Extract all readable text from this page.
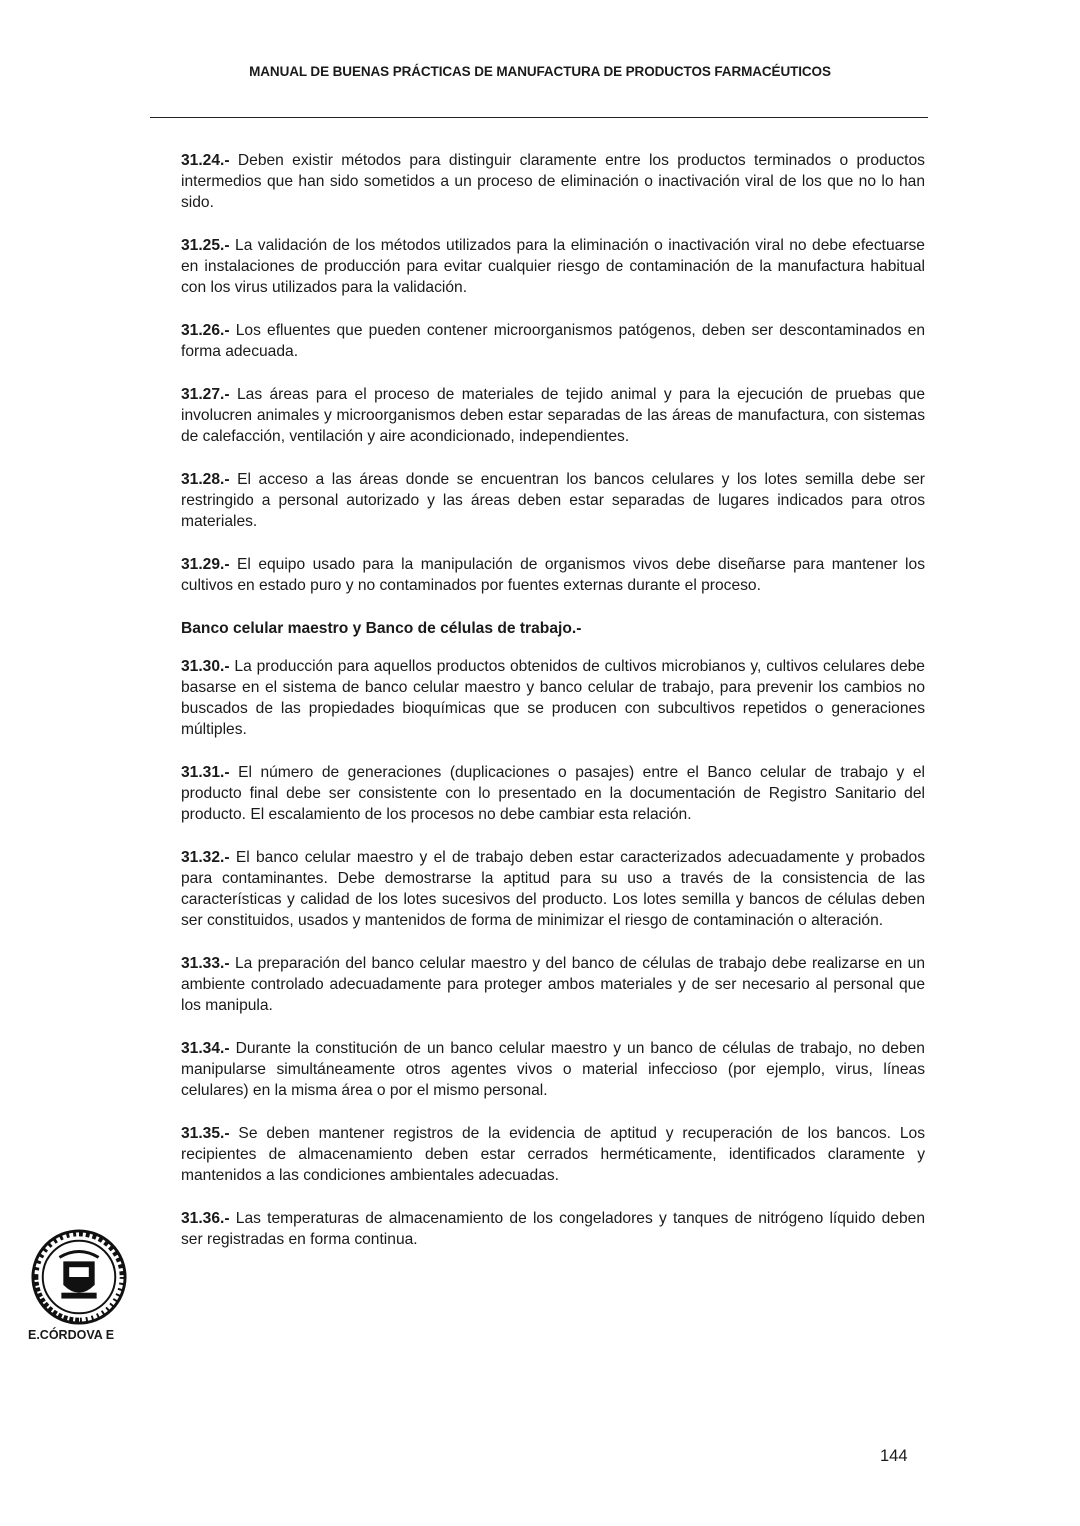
MANUAL DE BUENAS PRÁCTICAS DE MANUFACTURA DE PRODUCTOS FARMACÉUTICOS

31.24.- Deben existir métodos para distinguir claramente entre los productos terminados o productos intermedios que han sido sometidos a un proceso de eliminación o inactivación viral de los que no lo han sido.

31.25.- La validación de los métodos utilizados para la eliminación o inactivación viral no debe efectuarse en instalaciones de producción para evitar cualquier riesgo de contaminación de la manufactura habitual con los virus utilizados para la validación.

31.26.- Los efluentes que pueden contener microorganismos patógenos, deben ser descontaminados en forma adecuada.

31.27.- Las áreas para el proceso de materiales de tejido animal y para la ejecución de pruebas que involucren animales y microorganismos deben estar separadas de las áreas de manufactura, con sistemas de calefacción, ventilación y aire acondicionado, independientes.

31.28.- El acceso a las áreas donde se encuentran los bancos celulares y los lotes semilla debe ser restringido a personal autorizado y las áreas deben estar separadas de lugares indicados para otros materiales.

31.29.- El equipo usado para la manipulación de organismos vivos debe diseñarse para mantener los cultivos en estado puro y no contaminados por fuentes externas durante el proceso.

Banco celular maestro y Banco de células de trabajo.-

31.30.- La producción para aquellos productos obtenidos de cultivos microbianos y, cultivos celulares debe basarse en el sistema de banco celular maestro y banco celular de trabajo, para prevenir los cambios no buscados de las propiedades bioquímicas que se producen con subcultivos repetidos o generaciones múltiples.

31.31.- El número de generaciones (duplicaciones o pasajes) entre el Banco celular de trabajo y el producto final debe ser consistente con lo presentado en la documentación de Registro Sanitario del producto. El escalamiento de los procesos no debe cambiar esta relación.

31.32.- El banco celular maestro y el de trabajo deben estar caracterizados adecuadamente y probados para contaminantes. Debe demostrarse la aptitud para su uso a través de la consistencia de las características y calidad de los lotes sucesivos del producto. Los lotes semilla y bancos de células deben ser constituidos, usados y mantenidos de forma de minimizar el riesgo de contaminación o alteración.

31.33.- La preparación del banco celular maestro y del banco de células de trabajo debe realizarse en un ambiente controlado adecuadamente para proteger ambos materiales y de ser necesario al personal que los manipula.

31.34.- Durante la constitución de un banco celular maestro y un banco de células de trabajo, no deben manipularse simultáneamente otros agentes vivos o material infeccioso (por ejemplo, virus, líneas celulares) en la misma área o por el mismo personal.

31.35.- Se deben mantener registros de la evidencia de aptitud y recuperación de los bancos. Los recipientes de almacenamiento deben estar cerrados herméticamente, identificados claramente y mantenidos a las condiciones ambientales adecuadas.

31.36.- Las temperaturas de almacenamiento de los congeladores y tanques de nitrógeno líquido deben ser registradas en forma continua.

E.CÓRDOVA E
144
